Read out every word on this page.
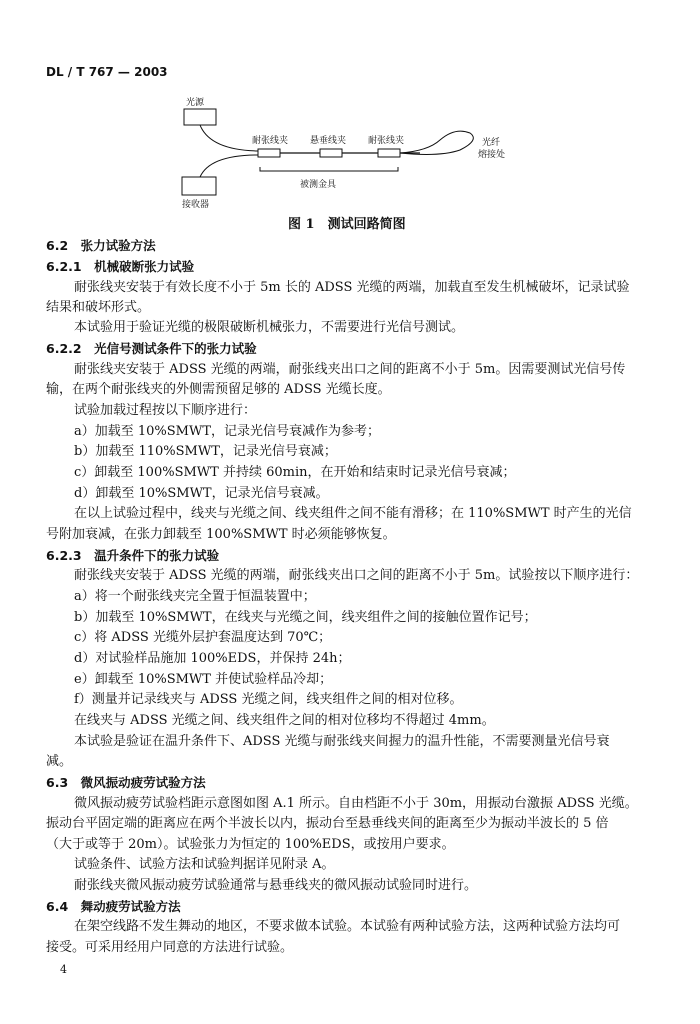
DL / T 767 — 2003
光源
接收器
耐张线夹 悬垂线夹 耐张线夹	光纤
熔接处
被测金具
图 1　测试回路简图
6.2　张力试验方法
6.2.1　机械破断张力试验
耐张线夹安装于有效长度不小于 5m 长的 ADSS 光缆的两端，加载直至发生机械破坏，记录试验
结果和破坏形式。
本试验用于验证光缆的极限破断机械张力，不需要进行光信号测试。
6.2.2　光信号测试条件下的张力试验
耐张线夹安装于 ADSS 光缆的两端，耐张线夹出口之间的距离不小于 5m。因需要测试光信号传
输，在两个耐张线夹的外侧需预留足够的 ADSS 光缆长度。
试验加载过程按以下顺序进行：
a）加载至 10%SMWT，记录光信号衰减作为参考；
b）加载至 110%SMWT，记录光信号衰减；
c）卸载至 100%SMWT 并持续 60min，在开始和结束时记录光信号衰减；
d）卸载至 10%SMWT，记录光信号衰减。
在以上试验过程中，线夹与光缆之间、线夹组件之间不能有滑移；在 110%SMWT 时产生的光信
号附加衰减，在张力卸载至 100%SMWT 时必须能够恢复。
6.2.3　温升条件下的张力试验
耐张线夹安装于 ADSS 光缆的两端，耐张线夹出口之间的距离不小于 5m。试验按以下顺序进行：
a）将一个耐张线夹完全置于恒温装置中；
b）加载至 10%SMWT，在线夹与光缆之间，线夹组件之间的接触位置作记号；
c）将 ADSS 光缆外层护套温度达到 70℃；
d）对试验样品施加 100%EDS，并保持 24h；
e）卸载至 10%SMWT 并使试验样品冷却；
f）测量并记录线夹与 ADSS 光缆之间，线夹组件之间的相对位移。
在线夹与 ADSS 光缆之间、线夹组件之间的相对位移均不得超过 4mm。
本试验是验证在温升条件下、ADSS 光缆与耐张线夹间握力的温升性能，不需要测量光信号衰
减。
6.3　微风振动疲劳试验方法
微风振动疲劳试验档距示意图如图 A.1 所示。自由档距不小于 30m，用振动台激振 ADSS 光缆。
振动台平固定端的距离应在两个半波长以内，振动台至悬垂线夹间的距离至少为振动半波长的 5 倍
（大于或等于 20m）。试验张力为恒定的 100%EDS，或按用户要求。
试验条件、试验方法和试验判据详见附录 A。
耐张线夹微风振动疲劳试验通常与悬垂线夹的微风振动试验同时进行。
6.4　舞动疲劳试验方法
在架空线路不发生舞动的地区，不要求做本试验。本试验有两种试验方法，这两种试验方法均可
接受。可采用经用户同意的方法进行试验。
4
